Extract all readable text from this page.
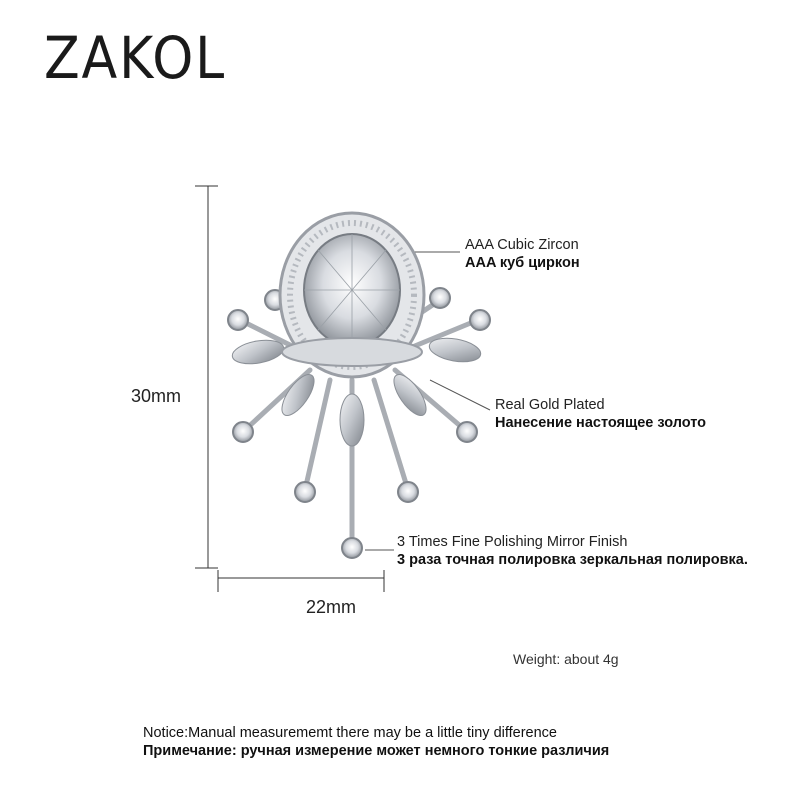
ZAKOL
AAA Cubic Zircon
AAA куб циркон
Real Gold Plated
Нанесение настоящее золото
3 Times Fine Polishing Mirror Finish
3 раза точная полировка зеркальная полировка.
30mm
22mm
Weight: about 4g
Notice:Manual measurememt there may be a little tiny difference
Примечание: ручная измерение может немного тонкие различия
